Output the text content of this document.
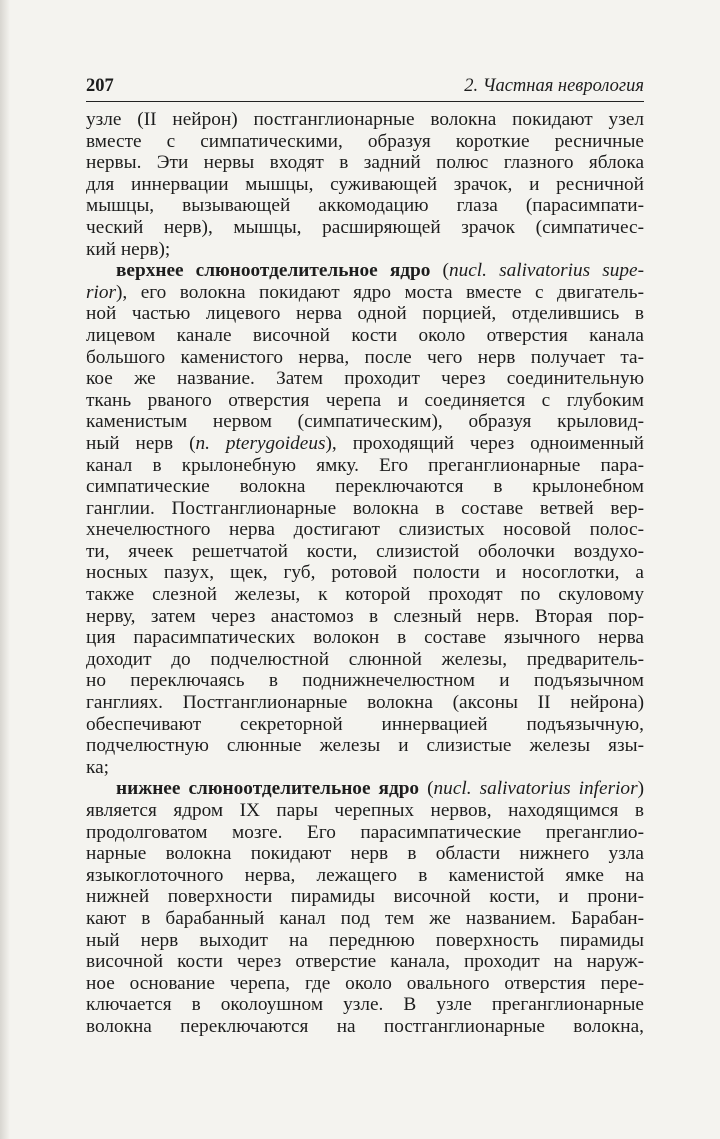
207	2. Частная неврология
узле (II нейрон) постганглионарные волокна покидают узел
вместе с симпатическими, образуя короткие ресничные
нервы. Эти нервы входят в задний полюс глазного яблока
для иннервации мышцы, суживающей зрачок, и ресничной
мышцы, вызывающей аккомодацию глаза (парасимпати-
ческий нерв), мышцы, расширяющей зрачок (симпатичес-
кий нерв);
верхнее слюноотделительное ядро (nucl. salivatorius supe-
rior), его волокна покидают ядро моста вместе с двигатель-
ной частью лицевого нерва одной порцией, отделившись в
лицевом канале височной кости около отверстия канала
большого каменистого нерва, после чего нерв получает та-
кое же название. Затем проходит через соединительную
ткань рваного отверстия черепа и соединяется с глубоким
каменистым нервом (симпатическим), образуя крыловид-
ный нерв (n. pterygoideus), проходящий через одноименный
канал в крылонебную ямку. Его преганглионарные пара-
симпатические волокна переключаются в крылонебном
ганглии. Постганглионарные волокна в составе ветвей вер-
хнечелюстного нерва достигают слизистых носовой полос-
ти, ячеек решетчатой кости, слизистой оболочки воздухо-
носных пазух, щек, губ, ротовой полости и носоглотки, а
также слезной железы, к которой проходят по скуловому
нерву, затем через анастомоз в слезный нерв. Вторая пор-
ция парасимпатических волокон в составе язычного нерва
доходит до подчелюстной слюнной железы, предваритель-
но переключаясь в поднижнечелюстном и подъязычном
ганглиях. Постганглионарные волокна (аксоны II нейрона)
обеспечивают секреторной иннервацией подъязычную,
подчелюстную слюнные железы и слизистые железы язы-
ка;
нижнее слюноотделительное ядро (nucl. salivatorius inferior)
является ядром IX пары черепных нервов, находящимся в
продолговатом мозге. Его парасимпатические преганглио-
нарные волокна покидают нерв в области нижнего узла
языкоглоточного нерва, лежащего в каменистой ямке на
нижней поверхности пирамиды височной кости, и прони-
кают в барабанный канал под тем же названием. Барабан-
ный нерв выходит на переднюю поверхность пирамиды
височной кости через отверстие канала, проходит на наруж-
ное основание черепа, где около овального отверстия пере-
ключается в околоушном узле. В узле преганглионарные
волокна переключаются на постганглионарные волокна,
